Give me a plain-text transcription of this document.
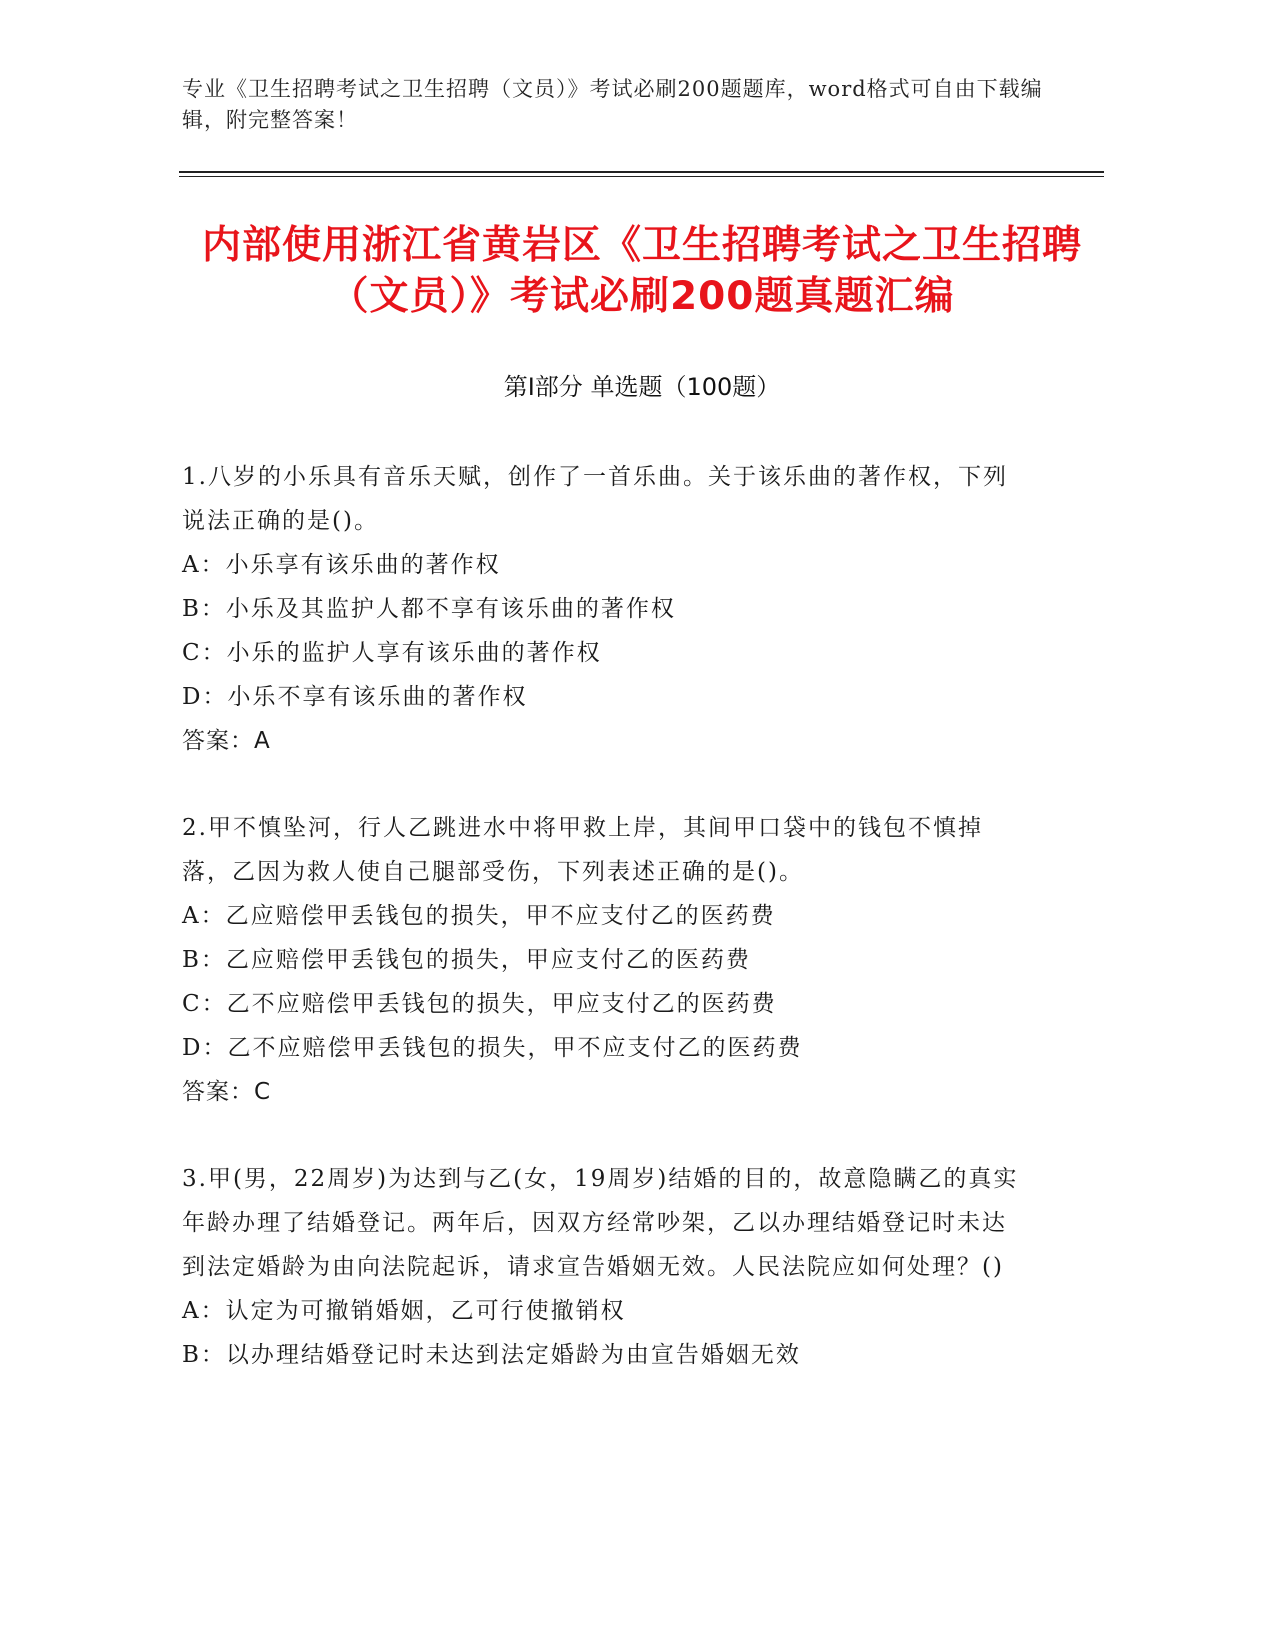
专业《卫生招聘考试之卫生招聘（文员）》考试必刷200题题库，word格式可自由下载编辑，附完整答案！
内部使用浙江省黄岩区《卫生招聘考试之卫生招聘（文员）》考试必刷200题真题汇编
第I部分 单选题（100题）

1.八岁的小乐具有音乐天赋，创作了一首乐曲。关于该乐曲的著作权，下列说法正确的是()。

A：小乐享有该乐曲的著作权

B：小乐及其监护人都不享有该乐曲的著作权

C：小乐的监护人享有该乐曲的著作权

D：小乐不享有该乐曲的著作权

答案：A

2.甲不慎坠河，行人乙跳进水中将甲救上岸，其间甲口袋中的钱包不慎掉落，乙因为救人使自己腿部受伤，下列表述正确的是()。

A：乙应赔偿甲丢钱包的损失，甲不应支付乙的医药费

B：乙应赔偿甲丢钱包的损失，甲应支付乙的医药费

C：乙不应赔偿甲丢钱包的损失，甲应支付乙的医药费

D：乙不应赔偿甲丢钱包的损失，甲不应支付乙的医药费

答案：C

3.甲(男，22周岁)为达到与乙(女，19周岁)结婚的目的，故意隐瞒乙的真实年龄办理了结婚登记。两年后，因双方经常吵架，乙以办理结婚登记时未达到法定婚龄为由向法院起诉，请求宣告婚姻无效。人民法院应如何处理？()

A：认定为可撤销婚姻，乙可行使撤销权

B：以办理结婚登记时未达到法定婚龄为由宣告婚姻无效
